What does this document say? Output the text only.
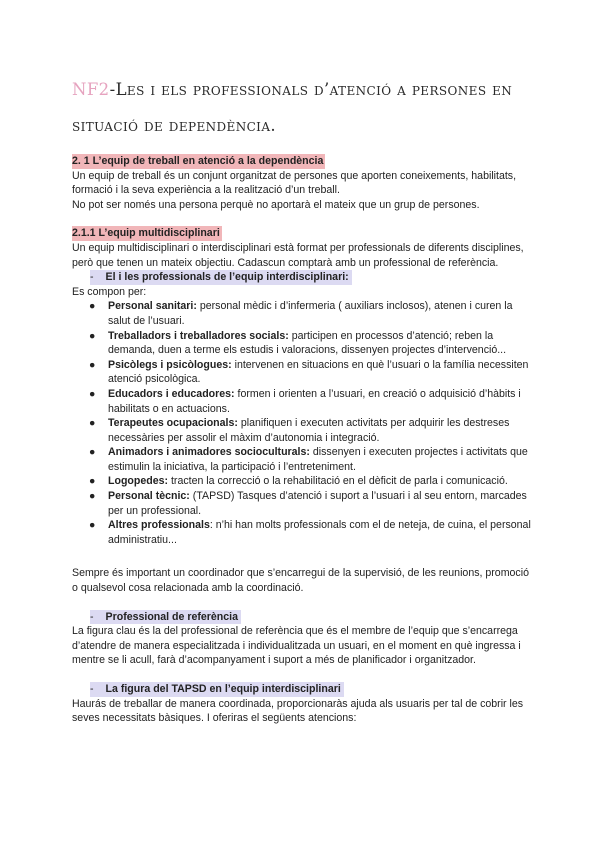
NF2-Les i els professionals d’atenció a persones en situació de dependència.
2. 1 L’equip de treball en atenció a la dependència

Un equip de treball és un conjunt organitzat de persones que aporten coneixements, habilitats, formació i la seva experiència a la realització d’un treball.

No pot ser només una persona perquè no aportarà el mateix que un grup de persones.

2.1.1 L’equip multidisciplinari

Un equip multidisciplinari o interdisciplinari està format per professionals de diferents disciplines, però que tenen un mateix objectiu. Cadascun comptarà amb un professional de referència.

- El i les professionals de l’equip interdisciplinari:

Es compon per:

● Personal sanitari: personal mèdic i d’infermeria ( auxiliars inclosos), atenen i curen la salut de l’usuari.
● Treballadors i treballadores socials: participen en processos d’atenció; reben la demanda, duen a terme els estudis i valoracions, dissenyen projectes d’intervenció...
● Psicòlegs i psicòlogues: intervenen en situacions en què l’usuari o la família necessiten atenció psicològica.
● Educadors i educadores: formen i orienten a l’usuari, en creació o adquisició d’hàbits i habilitats o en actuacions.
● Terapeutes ocupacionals: planifiquen i executen activitats per adquirir les destreses necessàries per assolir el màxim d’autonomia i integració.
● Animadors i animadores socioculturals: dissenyen i executen projectes i activitats que estimulin la iniciativa, la participació i l’entreteniment.
● Logopedes: tracten la correcció o la rehabilitació en el dèficit de parla i comunicació.
● Personal tècnic: (TAPSD) Tasques d’atenció i suport a l’usuari i al seu entorn, marcades per un professional.
● Altres professionals: n’hi han molts professionals com el de neteja, de cuina, el personal administratiu...

Sempre és important un coordinador que s’encarregui de la supervisió, de les reunions, promoció o qualsevol cosa relacionada amb la coordinació.

- Professional de referència

La figura clau és la del professional de referència que és el membre de l’equip que s’encarrega d’atendre de manera especialitzada i individualitzada un usuari, en el moment en què ingressa i mentre se li acull, farà d’acompanyament i suport a més de planificador i organitzador.

- La figura del TAPSD en l’equip interdisciplinari

Haurás de treballar de manera coordinada, proporcionaràs ajuda als usuaris per tal de cobrir les seves necessitats bàsiques. I oferiras el següents atencions:
